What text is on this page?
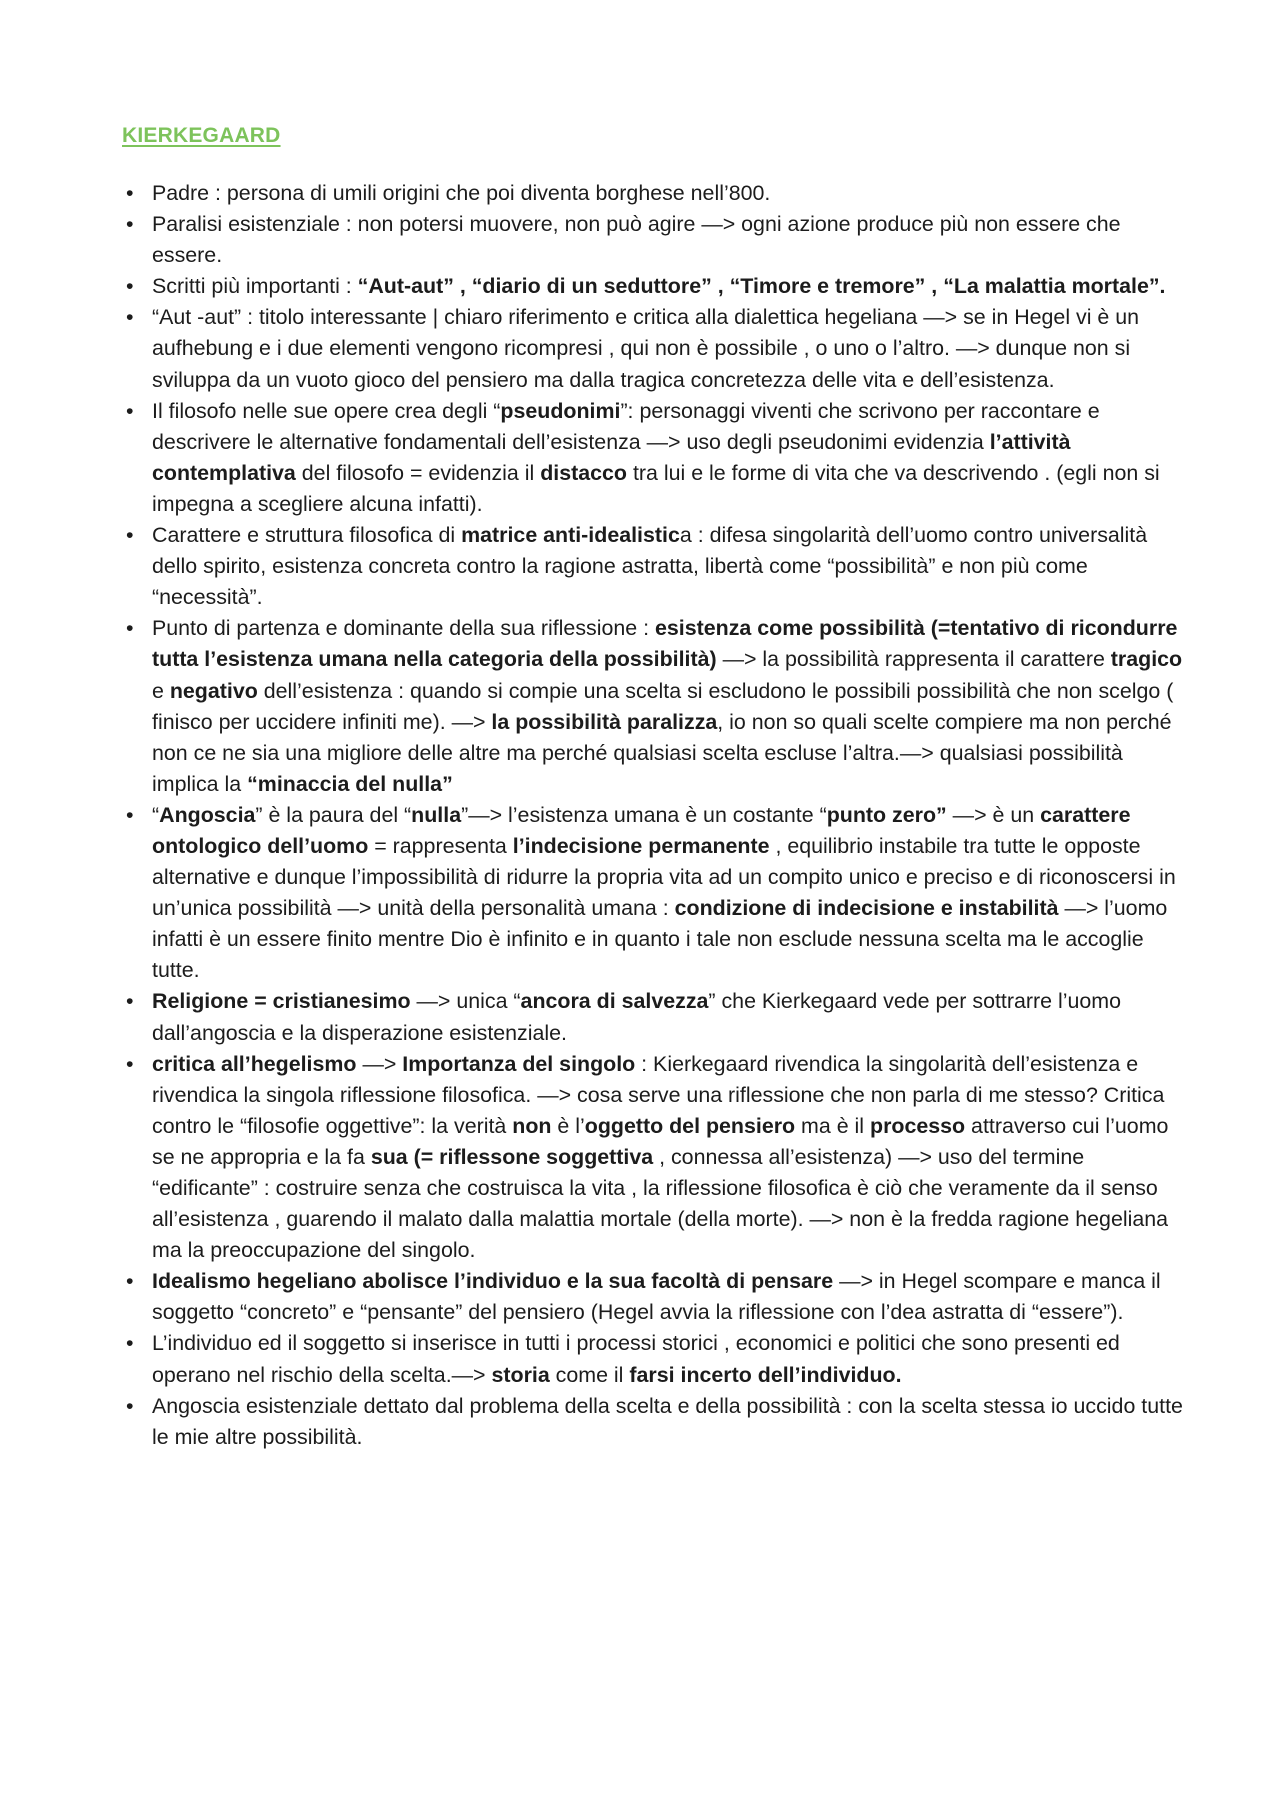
KIERKEGAARD
• Padre : persona di umili origini che poi diventa borghese nell’800.
• Paralisi esistenziale : non potersi muovere, non può agire —> ogni azione produce più non essere che essere.
• Scritti più importanti : “Aut-aut” , “diario di un seduttore” , “Timore e tremore” , “La malattia mortale”.
• “Aut -aut” : titolo interessante | chiaro riferimento e critica alla dialettica hegeliana —> se in Hegel vi è un aufhebung e i due elementi vengono ricompresi , qui non è possibile , o uno o l’altro. —> dunque non si sviluppa da un vuoto gioco del pensiero ma dalla tragica concretezza delle vita e dell’esistenza.
• Il filosofo nelle sue opere crea degli “pseudonimi”: personaggi viventi che scrivono per raccontare e descrivere le alternative fondamentali dell’esistenza —> uso degli pseudonimi evidenzia l’attività contemplativa del filosofo = evidenzia il distacco tra lui e le forme di vita che va descrivendo . (egli non si impegna a scegliere alcuna infatti).
• Carattere e struttura filosofica di matrice anti-idealistica : difesa singolarità dell’uomo contro universalità dello spirito, esistenza concreta contro la ragione astratta, libertà come “possibilità” e non più come “necessità”.
• Punto di partenza e dominante della sua riflessione : esistenza come possibilità (=tentativo di ricondurre tutta l’esistenza umana nella categoria della possibilità) —> la possibilità rappresenta il carattere tragico e negativo dell’esistenza : quando si compie una scelta si escludono le possibili possibilità che non scelgo ( finisco per uccidere infiniti me). —> la possibilità paralizza, io non so quali scelte compiere ma non perché non ce ne sia una migliore delle altre ma perché qualsiasi scelta escluse l’altra.—> qualsiasi possibilità implica la “minaccia del nulla”
• “Angoscia” è la paura del “nulla”—> l’esistenza umana è un costante “punto zero” —> è un carattere ontologico dell’uomo = rappresenta l’indecisione permanente , equilibrio instabile tra tutte le opposte alternative e dunque l’impossibilità di ridurre la propria vita ad un compito unico e preciso e di riconoscersi in un’unica possibilità —> unità della personalità umana : condizione di indecisione e instabilità —> l’uomo infatti è un essere finito mentre Dio è infinito e in quanto i tale non esclude nessuna scelta ma le accoglie tutte.
• Religione = cristianesimo —> unica “ancora di salvezza” che Kierkegaard vede per sottrarre l’uomo dall’angoscia e la disperazione esistenziale.
• critica all’hegelismo —> Importanza del singolo : Kierkegaard rivendica la singolarità dell’esistenza e rivendica la singola riflessione filosofica. —> cosa serve una riflessione che non parla di me stesso? Critica contro le “filosofie oggettive”: la verità non è l’oggetto del pensiero ma è il processo attraverso cui l’uomo se ne appropria e la fa sua (= riflessone soggettiva , connessa all’esistenza) —> uso del termine “edificante” : costruire senza che costruisca la vita , la riflessione filosofica è ciò che veramente da il senso all’esistenza , guarendo il malato dalla malattia mortale (della morte). —> non è la fredda ragione hegeliana ma la preoccupazione del singolo.
• Idealismo hegeliano abolisce l’individuo e la sua facoltà di pensare —> in Hegel scompare e manca il soggetto “concreto” e “pensante” del pensiero (Hegel avvia la riflessione con l’dea astratta di “essere”).
• L’individuo ed il soggetto si inserisce in tutti i processi storici , economici e politici che sono presenti ed operano nel rischio della scelta.—> storia come il farsi incerto dell’individuo.
• Angoscia esistenziale dettato dal problema della scelta e della possibilità : con la scelta stessa io uccido tutte le mie altre possibilità.
